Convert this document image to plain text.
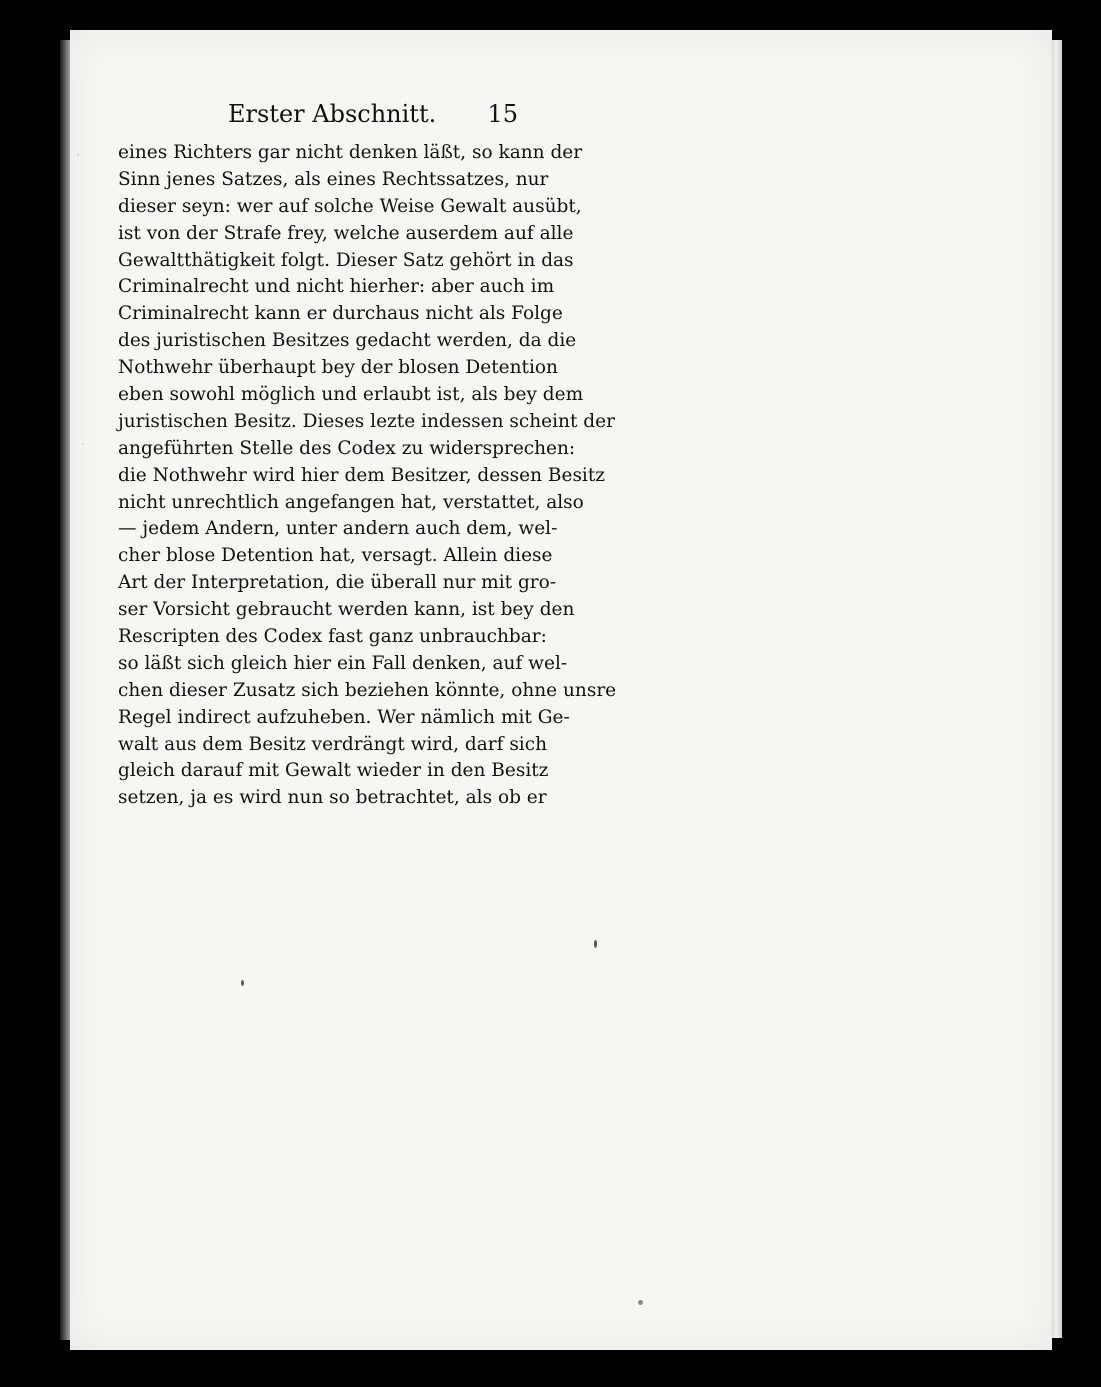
,
.
Erster Abschnitt. 15
eines Richters gar nicht denken läßt, so kann der
Sinn jenes Satzes, als eines Rechtssatzes, nur
dieser seyn: wer auf solche Weise Gewalt ausübt,
ist von der Strafe frey, welche auserdem auf alle
Gewaltthätigkeit folgt. Dieser Satz gehört in das
Criminalrecht und nicht hierher: aber auch im
Criminalrecht kann er durchaus nicht als Folge
des juristischen Besitzes gedacht werden, da die
Nothwehr überhaupt bey der blosen Detention
eben sowohl möglich und erlaubt ist, als bey dem
juristischen Besitz. Dieses lezte indessen scheint der
angeführten Stelle des Codex zu widersprechen:
die Nothwehr wird hier dem Besitzer, dessen Besitz
nicht unrechtlich angefangen hat, verstattet, also
— jedem Andern, unter andern auch dem, wel-
cher blose Detention hat, versagt. Allein diese
Art der Interpretation, die überall nur mit gro-
ser Vorsicht gebraucht werden kann, ist bey den
Rescripten des Codex fast ganz unbrauchbar:
so läßt sich gleich hier ein Fall denken, auf wel-
chen dieser Zusatz sich beziehen könnte, ohne unsre
Regel indirect aufzuheben. Wer nämlich mit Ge-
walt aus dem Besitz verdrängt wird, darf sich
gleich darauf mit Gewalt wieder in den Besitz
setzen, ja es wird nun so betrachtet, als ob er
